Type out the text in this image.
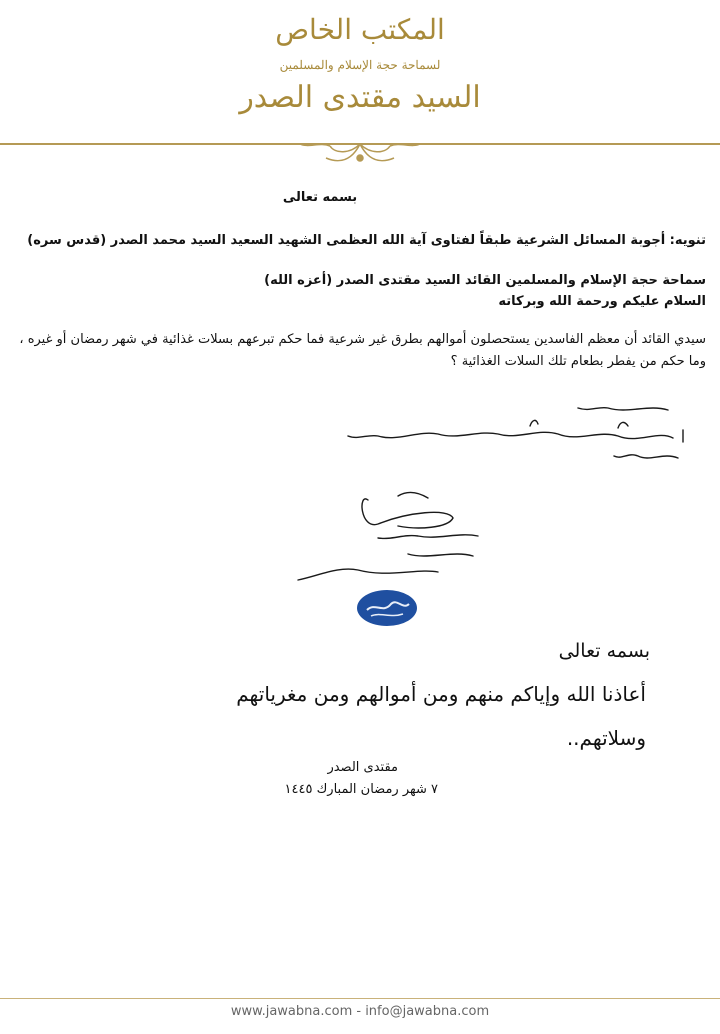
المكتب الخاص
لسماحة حجة الإسلام والمسلمين
السيد مقتدى الصدر
بسمه تعالى
تنويه: أجوبة المسائل الشرعية طبقاً لفتاوى آية الله العظمى الشهيد السعيد السيد محمد الصدر (قدس سره)
سماحة حجة الإسلام والمسلمين القائد السيد مقتدى الصدر (أعزه الله)
السلام عليكم ورحمة الله وبركاته
سيدي القائد أن معظم الفاسدين يستحصلون أموالهم بطرق غير شرعية فما حكم تبرعهم بسلات غذائية في شهر رمضان أو غيره ، وما حكم من يفطر بطعام تلك السلات الغذائية ؟
بسمه تعالى
أعاذنا الله وإياكم منهم ومن أموالهم ومن مغرياتهم
وسلاتهم..
مقتدى الصدر
٧ شهر رمضان المبارك ١٤٤٥
www.jawabna.com - info@jawabna.com
